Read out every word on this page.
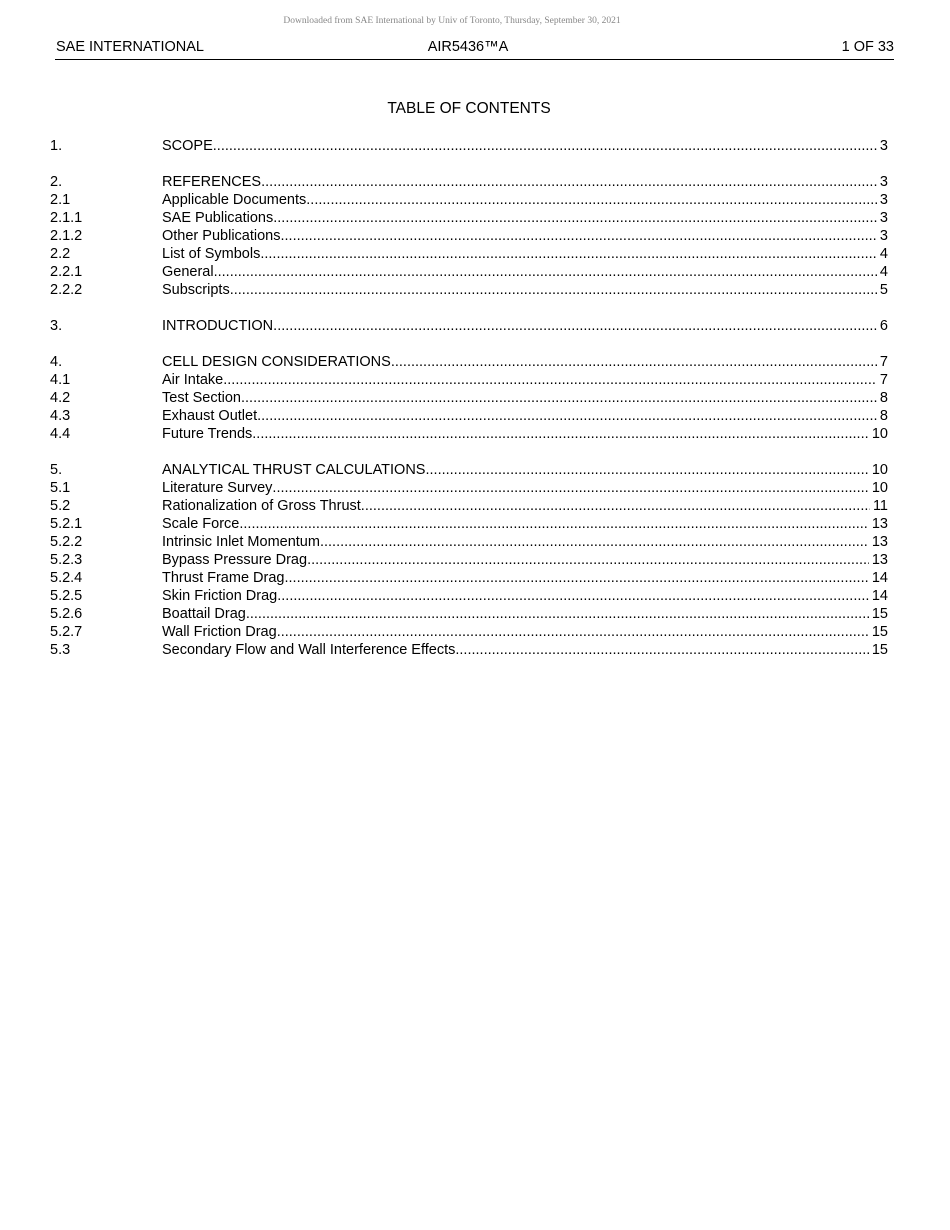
Downloaded from SAE International by Univ of Toronto, Thursday, September 30, 2021
SAE INTERNATIONAL	AIR5436™A	1 OF 33
TABLE OF CONTENTS
1.	SCOPE .....	3
2.	REFERENCES .....	3
2.1	Applicable Documents .....	3
2.1.1	SAE Publications .....	3
2.1.2	Other Publications .....	3
2.2	List of Symbols .....	4
2.2.1	General .....	4
2.2.2	Subscripts .....	5
3.	INTRODUCTION .....	6
4.	CELL DESIGN CONSIDERATIONS .....	7
4.1	Air Intake .....	7
4.2	Test Section .....	8
4.3	Exhaust Outlet .....	8
4.4	Future Trends .....	10
5.	ANALYTICAL THRUST CALCULATIONS .....	10
5.1	Literature Survey .....	10
5.2	Rationalization of Gross Thrust .....	11
5.2.1	Scale Force .....	13
5.2.2	Intrinsic Inlet Momentum .....	13
5.2.3	Bypass Pressure Drag .....	13
5.2.4	Thrust Frame Drag .....	14
5.2.5	Skin Friction Drag .....	14
5.2.6	Boattail Drag .....	15
5.2.7	Wall Friction Drag .....	15
5.3	Secondary Flow and Wall Interference Effects .....	15
